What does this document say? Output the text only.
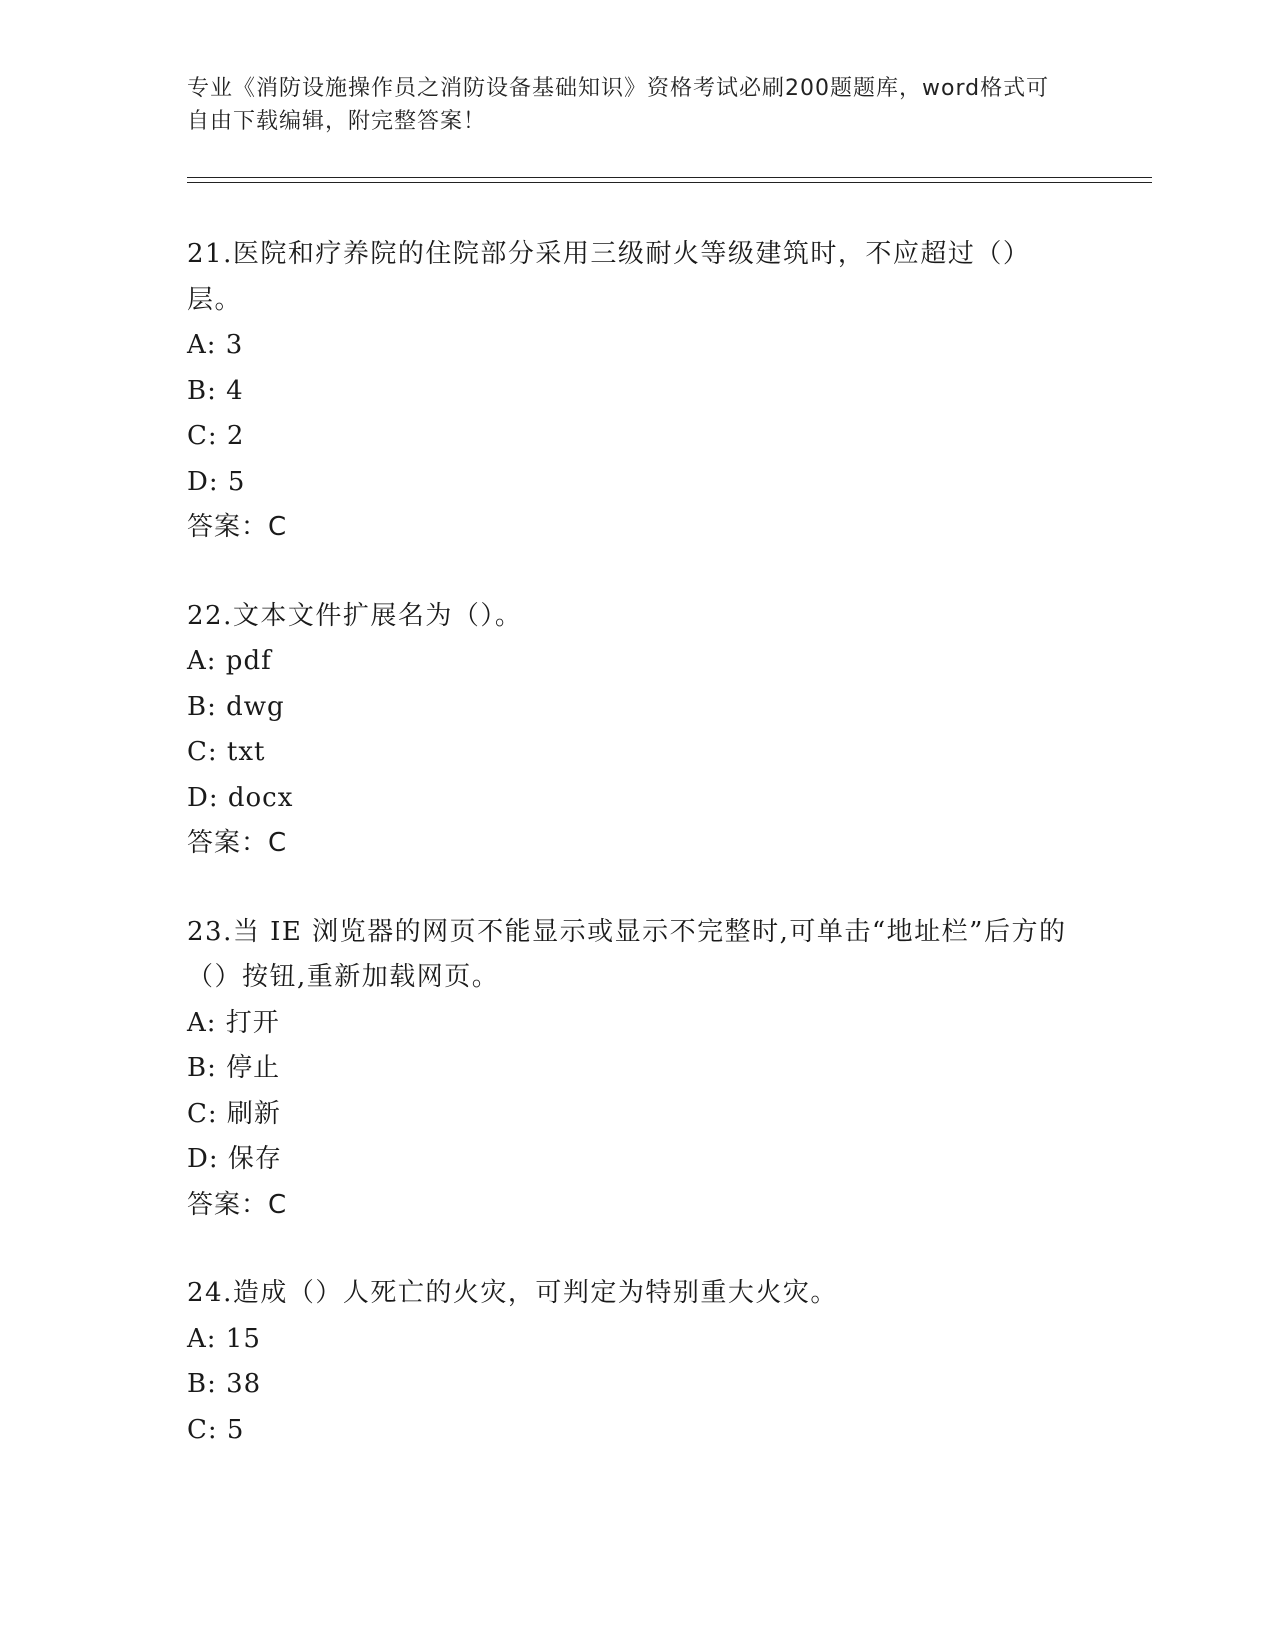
专业《消防设施操作员之消防设备基础知识》资格考试必刷200题题库，word格式可自由下载编辑，附完整答案！
21.医院和疗养院的住院部分采用三级耐火等级建筑时，不应超过（）层。
A: 3
B: 4
C: 2
D: 5
答案：C
22.文本文件扩展名为（）。
A: pdf
B: dwg
C: txt
D: docx
答案：C
23.当 IE 浏览器的网页不能显示或显示不完整时,可单击“地址栏”后方的（）按钮,重新加载网页。
A: 打开
B: 停止
C: 刷新
D: 保存
答案：C
24.造成（）人死亡的火灾，可判定为特别重大火灾。
A: 15
B: 38
C: 5
